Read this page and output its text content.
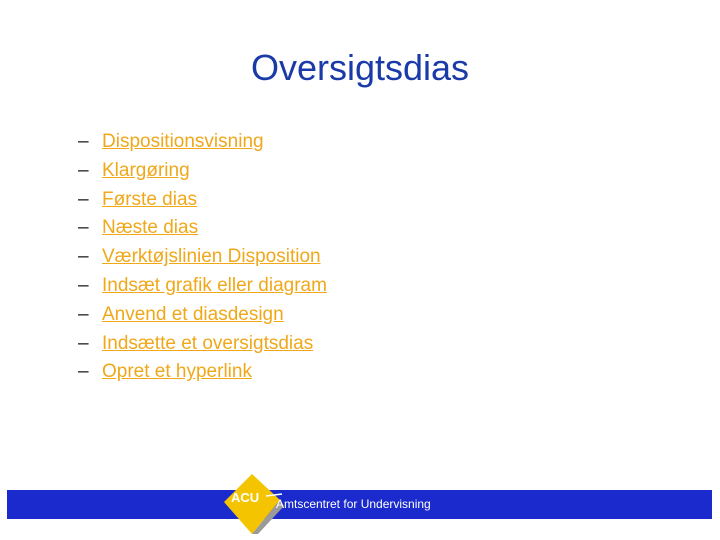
Oversigtsdias
– Dispositionsvisning
– Klargøring
– Første dias
– Næste dias
– Værktøjslinien Disposition
– Indsæt grafik eller diagram
– Anvend et diasdesign
– Indsætte et oversigtsdias
– Opret et hyperlink
ACU Amtscentret for Undervisning
